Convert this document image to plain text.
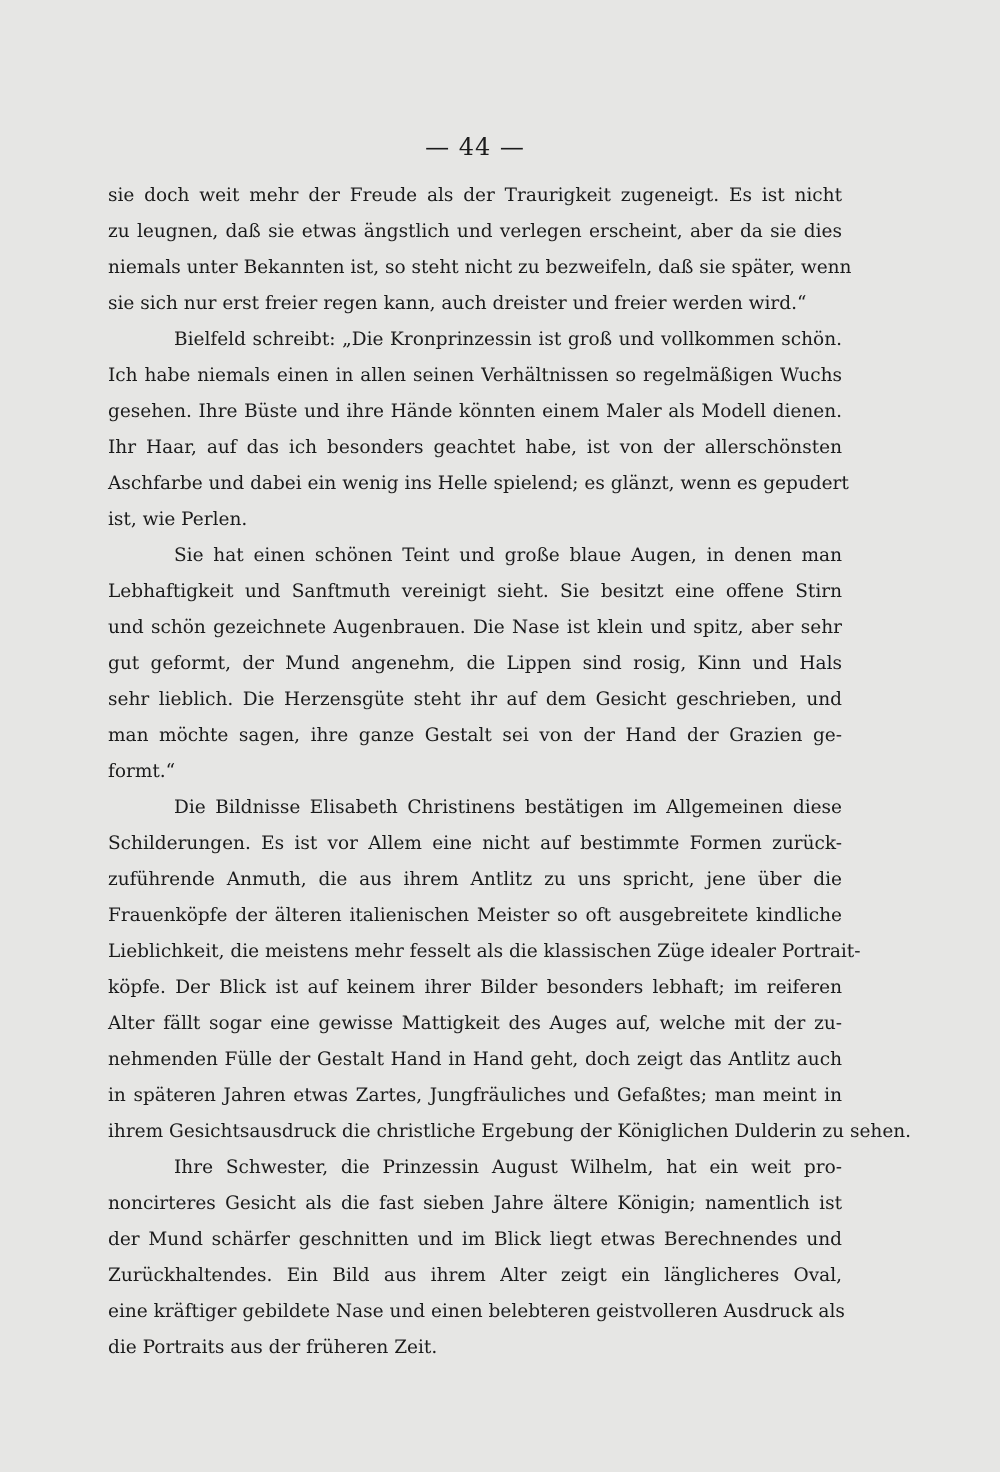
— 44 —
sie doch weit mehr der Freude als der Traurigkeit zugeneigt. Es ist nicht
zu leugnen, daß sie etwas ängstlich und verlegen erscheint, aber da sie dies
niemals unter Bekannten ist, so steht nicht zu bezweifeln, daß sie später, wenn
sie sich nur erst freier regen kann, auch dreister und freier werden wird.“
Bielfeld schreibt: „Die Kronprinzessin ist groß und vollkommen schön.
Ich habe niemals einen in allen seinen Verhältnissen so regelmäßigen Wuchs
gesehen. Ihre Büste und ihre Hände könnten einem Maler als Modell dienen.
Ihr Haar, auf das ich besonders geachtet habe, ist von der allerschönsten
Aschfarbe und dabei ein wenig ins Helle spielend; es glänzt, wenn es gepudert
ist, wie Perlen.
Sie hat einen schönen Teint und große blaue Augen, in denen man
Lebhaftigkeit und Sanftmuth vereinigt sieht. Sie besitzt eine offene Stirn
und schön gezeichnete Augenbrauen. Die Nase ist klein und spitz, aber sehr
gut geformt, der Mund angenehm, die Lippen sind rosig, Kinn und Hals
sehr lieblich. Die Herzensgüte steht ihr auf dem Gesicht geschrieben, und
man möchte sagen, ihre ganze Gestalt sei von der Hand der Grazien ge-
formt.“
Die Bildnisse Elisabeth Christinens bestätigen im Allgemeinen diese
Schilderungen. Es ist vor Allem eine nicht auf bestimmte Formen zurück-
zuführende Anmuth, die aus ihrem Antlitz zu uns spricht, jene über die
Frauenköpfe der älteren italienischen Meister so oft ausgebreitete kindliche
Lieblichkeit, die meistens mehr fesselt als die klassischen Züge idealer Portrait-
köpfe. Der Blick ist auf keinem ihrer Bilder besonders lebhaft; im reiferen
Alter fällt sogar eine gewisse Mattigkeit des Auges auf, welche mit der zu-
nehmenden Fülle der Gestalt Hand in Hand geht, doch zeigt das Antlitz auch
in späteren Jahren etwas Zartes, Jungfräuliches und Gefaßtes; man meint in
ihrem Gesichtsausdruck die christliche Ergebung der Königlichen Dulderin zu sehen.
Ihre Schwester, die Prinzessin August Wilhelm, hat ein weit pro-
noncirteres Gesicht als die fast sieben Jahre ältere Königin; namentlich ist
der Mund schärfer geschnitten und im Blick liegt etwas Berechnendes und
Zurückhaltendes. Ein Bild aus ihrem Alter zeigt ein länglicheres Oval,
eine kräftiger gebildete Nase und einen belebteren geistvolleren Ausdruck als
die Portraits aus der früheren Zeit.
